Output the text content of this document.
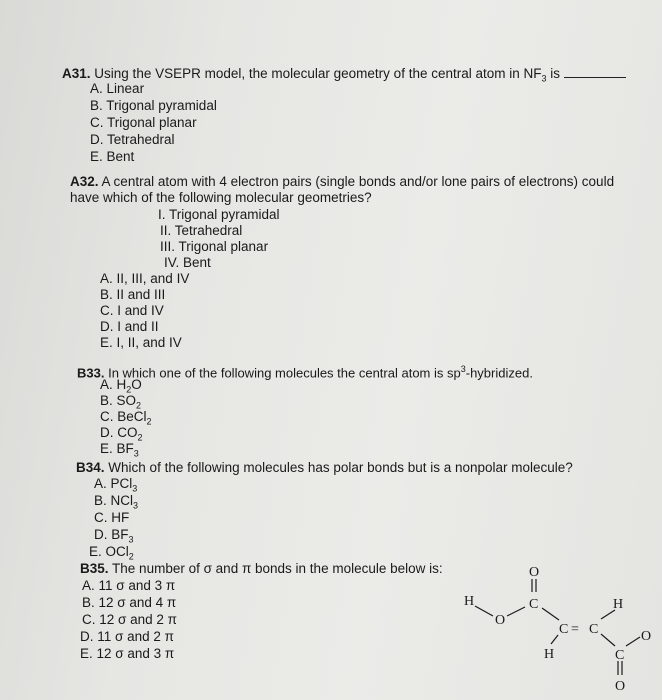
A31. Using the VSEPR model, the molecular geometry of the central atom in $NF_3$ is
A. Linear
B. Trigonal pyramidal
C. Trigonal planar
D. Tetrahedral
E. Bent
A32. A central atom with 4 electron pairs (single bonds and/or lone pairs of electrons) could
have which of the following molecular geometries?
I. Trigonal pyramidal
II. Tetrahedral
III. Trigonal planar
IV. Bent
A. II, III, and IV
B. II and III
C. I and IV
D. I and II
E. I, II, and IV
B33. In which one of the following molecules the central atom is $sp^3$-hybridized.
A. $H_2O$
B. $SO_2$
C. BeCl$_2$
D. $CO_2$
E. $BF_3$
B34. Which of the following molecules has polar bonds but is a nonpolar molecule?
A. PCl$_3$
B. NCl$_3$
C. HF
D. $BF_3$
E. OCl$_2$
B35. The number of σ and π bonds in the molecule below is:
A. 11 σ and 3 π
B. 12 σ and 4 π
C. 12 σ and 2 π
D. 11 σ and 2 π
E. 12 σ and 3 π
O
H
O
C
C = C
H
H	C
O
O
